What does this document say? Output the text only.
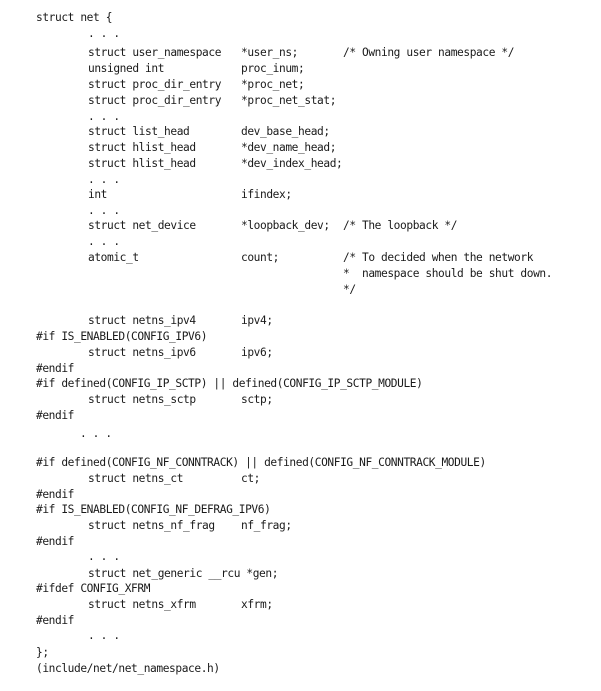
struct net {
. . .
struct user_namespace *user_ns;	/* Owning user namespace */
unsigned int	proc_inum;
struct proc_dir_entry *proc_net;
struct proc_dir_entry *proc_net_stat;
. . .
struct list_head	dev_base_head;
struct hlist_head	*dev_name_head;
struct hlist_head	*dev_index_head;
. . .
int	ifindex;
. . .
struct net_device	*loopback_dev; /* The loopback */
. . .
atomic_t	count;	/* To decided when the network
*  namespace should be shut down.
*/
struct netns_ipv4	ipv4;
#if IS_ENABLED(CONFIG_IPV6)
struct netns_ipv6	ipv6;
#endif
#if defined(CONFIG_IP_SCTP) || defined(CONFIG_IP_SCTP_MODULE)
struct netns_sctp	sctp;
#endif
. . .
#if defined(CONFIG_NF_CONNTRACK) || defined(CONFIG_NF_CONNTRACK_MODULE)
struct netns_ct	ct;
#endif
#if IS_ENABLED(CONFIG_NF_DEFRAG_IPV6)
struct netns_nf_frag nf_frag;
#endif
. . .
struct net_generic __rcu *gen;
#ifdef CONFIG_XFRM
struct netns_xfrm	xfrm;
#endif
. . .
};
(include/net/net_namespace.h)
